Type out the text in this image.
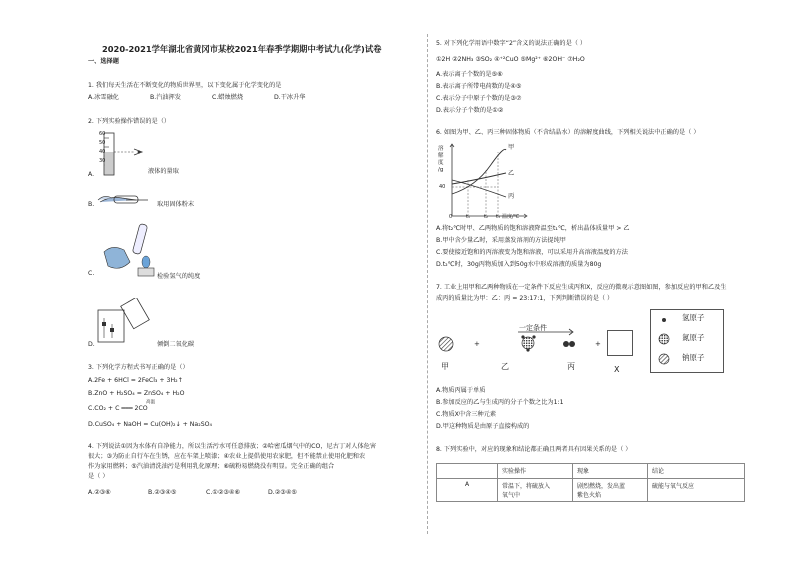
2020-2021学年湖北省黄冈市某校2021年春季学期期中考试九(化学)试卷
一、选择题
1. 我们每天生活在不断变化的物质世界里，以下变化属于化学变化的是
A.冰雪融化	B.汽油挥发	C.蜡烛燃烧	D.干冰升华
2. 下列实验操作错误的是（）
60
50
40
30
A.	液体的量取
B.	取用固体粉末
C.	检验氢气的纯度
D.	倾倒二氧化碳
3. 下列化学方程式书写正确的是（）
A.2Fe + 6HCl = 2FeCl₃ + 3H₂↑
B.ZnO + H₂SO₄ = ZnSO₄ + H₂O
高温
C.CO₂ + C ═══ 2CO
D.CuSO₄ + NaOH = Cu(OH)₂↓ + Na₂SO₄
4. 下列说法①因为水体有自净能力，所以生活污水可任意排放；②哈密瓜烟气中的CO，尼古丁对人体危害
很大；③为防止自行车在生锈，应在车架上喷漆；④农业上提倡使用农家肥，但不能禁止使用化肥和农
作为家用燃料；⑤汽油清洗油污是利用乳化原理；⑥硫粉易燃烧没有明显。完全正确的组合
是（ ）
A.②③⑥	B.②③④⑤	C.①②③④⑥	D.②③④⑤
5. 对下列化学用语中数字“2”含义的说法正确的是（ ）
①2H ②2NH₃ ③SO₂ ④⁺²CuO ⑤Mg²⁺ ⑥2OH⁻ ⑦H₂O
A.表示离子个数的是⑤⑥
B.表示离子所带电荷数的是④⑤
C.表示分子中原子个数的是③⑦
D.表示分子个数的是①②
6. 如图为甲、乙、丙三种固体物质（不含结晶水）的溶解度曲线，下列相关说法中正确的是（ ）
溶
解
度
/g
40
0	t₁	t₂ t₃ 温度/℃
甲
乙
丙
A.将t₂℃时甲、乙两物质的饱和溶液降温至t₁℃，析出晶体质量甲 > 乙
B.甲中含少量乙时，采用蒸发溶剂的方法提纯甲
C.要使接近饱和的丙溶液变为饱和溶液，可以采用升高溶液温度的方法
D.t₂℃时，30g丙物质加入到50g水中形成溶液的质量为80g
7. 工业上用甲和乙两种物质在一定条件下反应生成丙和X，反应的微观示意图如图，参加反应的甲和乙及生
成丙的质量比为甲：乙：丙 = 23:17:1，下列判断错误的是（ ）
+	+
一定条件
甲	乙	丙	X
氢原子
氮原子
钠原子
A.物质丙属于单质
B.参加反应的乙与生成丙的分子个数之比为1:1
C.物质X中含三种元素
D.甲这种物质是由原子直接构成的
8. 下列实验中，对应的现象和结论都正确且两者具有因果关系的是（ ）
	实验操作	现象	结论
A	常温下，将硫放入
氧气中	剧烈燃烧，发出蓝
紫色火焰	硫能与氧气反应
